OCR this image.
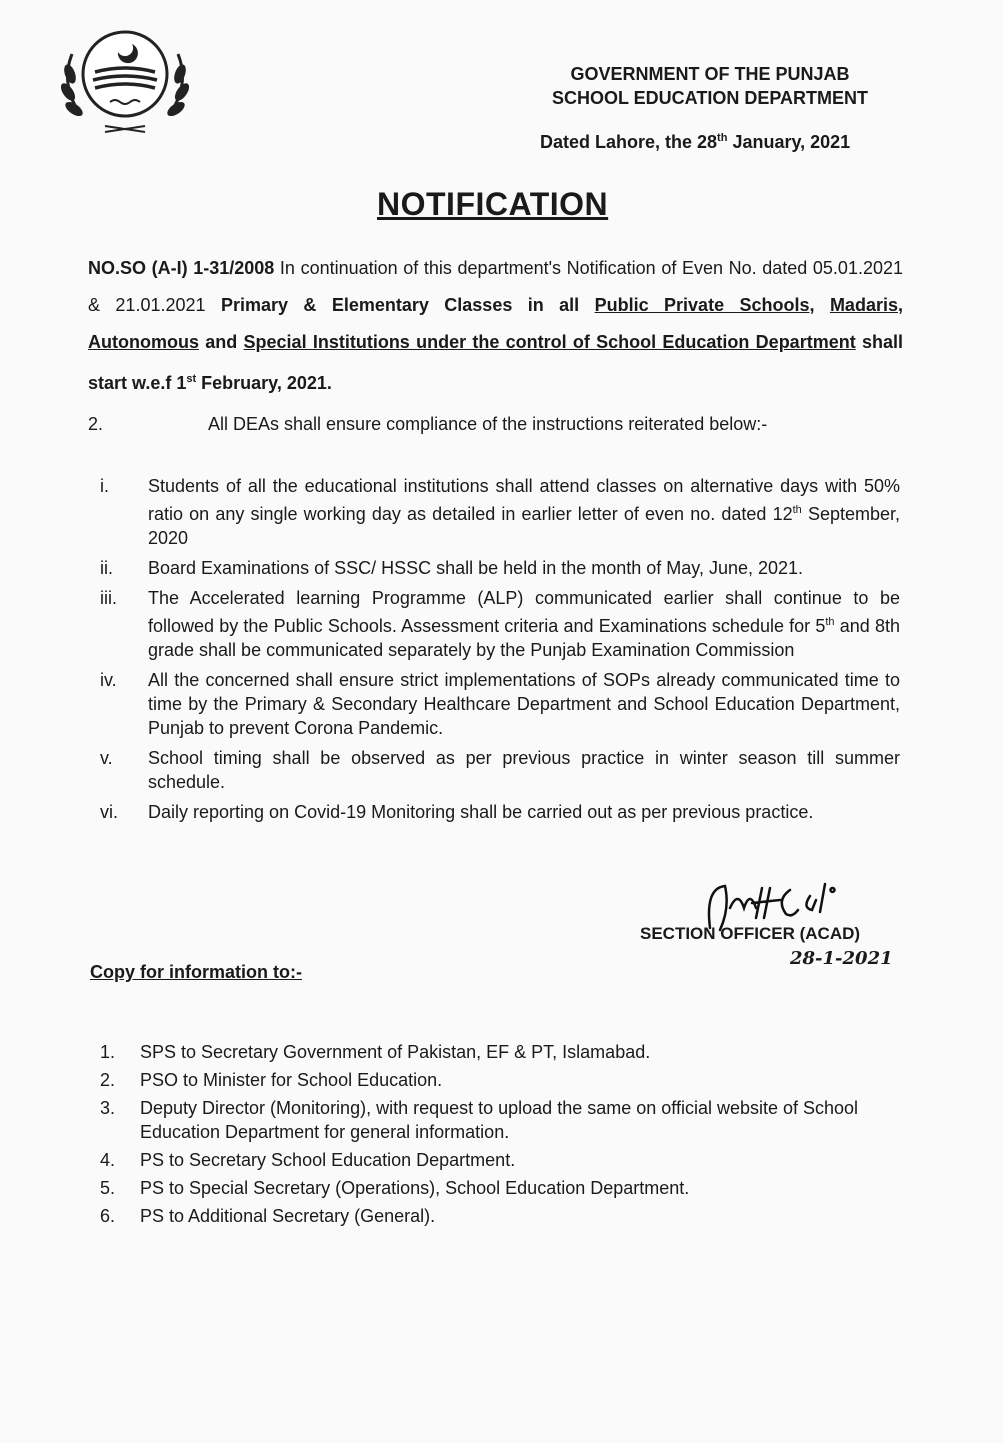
GOVERNMENT OF THE PUNJAB
SCHOOL EDUCATION DEPARTMENT
Dated Lahore, the 28th January, 2021
NOTIFICATION
NO.SO (A-I) 1-31/2008 In continuation of this department's Notification of Even No. dated 05.01.2021 & 21.01.2021 Primary & Elementary Classes in all Public Private Schools, Madaris, Autonomous and Special Institutions under the control of School Education Department shall start w.e.f 1st February, 2021.
2.	All DEAs shall ensure compliance of the instructions reiterated below:-
i.	Students of all the educational institutions shall attend classes on alternative days with 50% ratio on any single working day as detailed in earlier letter of even no. dated 12th September, 2020
ii.	Board Examinations of SSC/ HSSC shall be held in the month of May, June, 2021.
iii.	The Accelerated learning Programme (ALP) communicated earlier shall continue to be followed by the Public Schools. Assessment criteria and Examinations schedule for 5th and 8th grade shall be communicated separately by the Punjab Examination Commission
iv.	All the concerned shall ensure strict implementations of SOPs already communicated time to time by the Primary & Secondary Healthcare Department and School Education Department, Punjab to prevent Corona Pandemic.
v.	School timing shall be observed as per previous practice in winter season till summer schedule.
vi.	Daily reporting on Covid-19 Monitoring shall be carried out as per previous practice.
SECTION OFFICER (ACAD)
28-1-2021
Copy for information to:-
1.	SPS to Secretary Government of Pakistan, EF & PT, Islamabad.
2.	PSO to Minister for School Education.
3.	Deputy Director (Monitoring), with request to upload the same on official website of School Education Department for general information.
4.	PS to Secretary School Education Department.
5.	PS to Special Secretary (Operations), School Education Department.
6.	PS to Additional Secretary (General).
